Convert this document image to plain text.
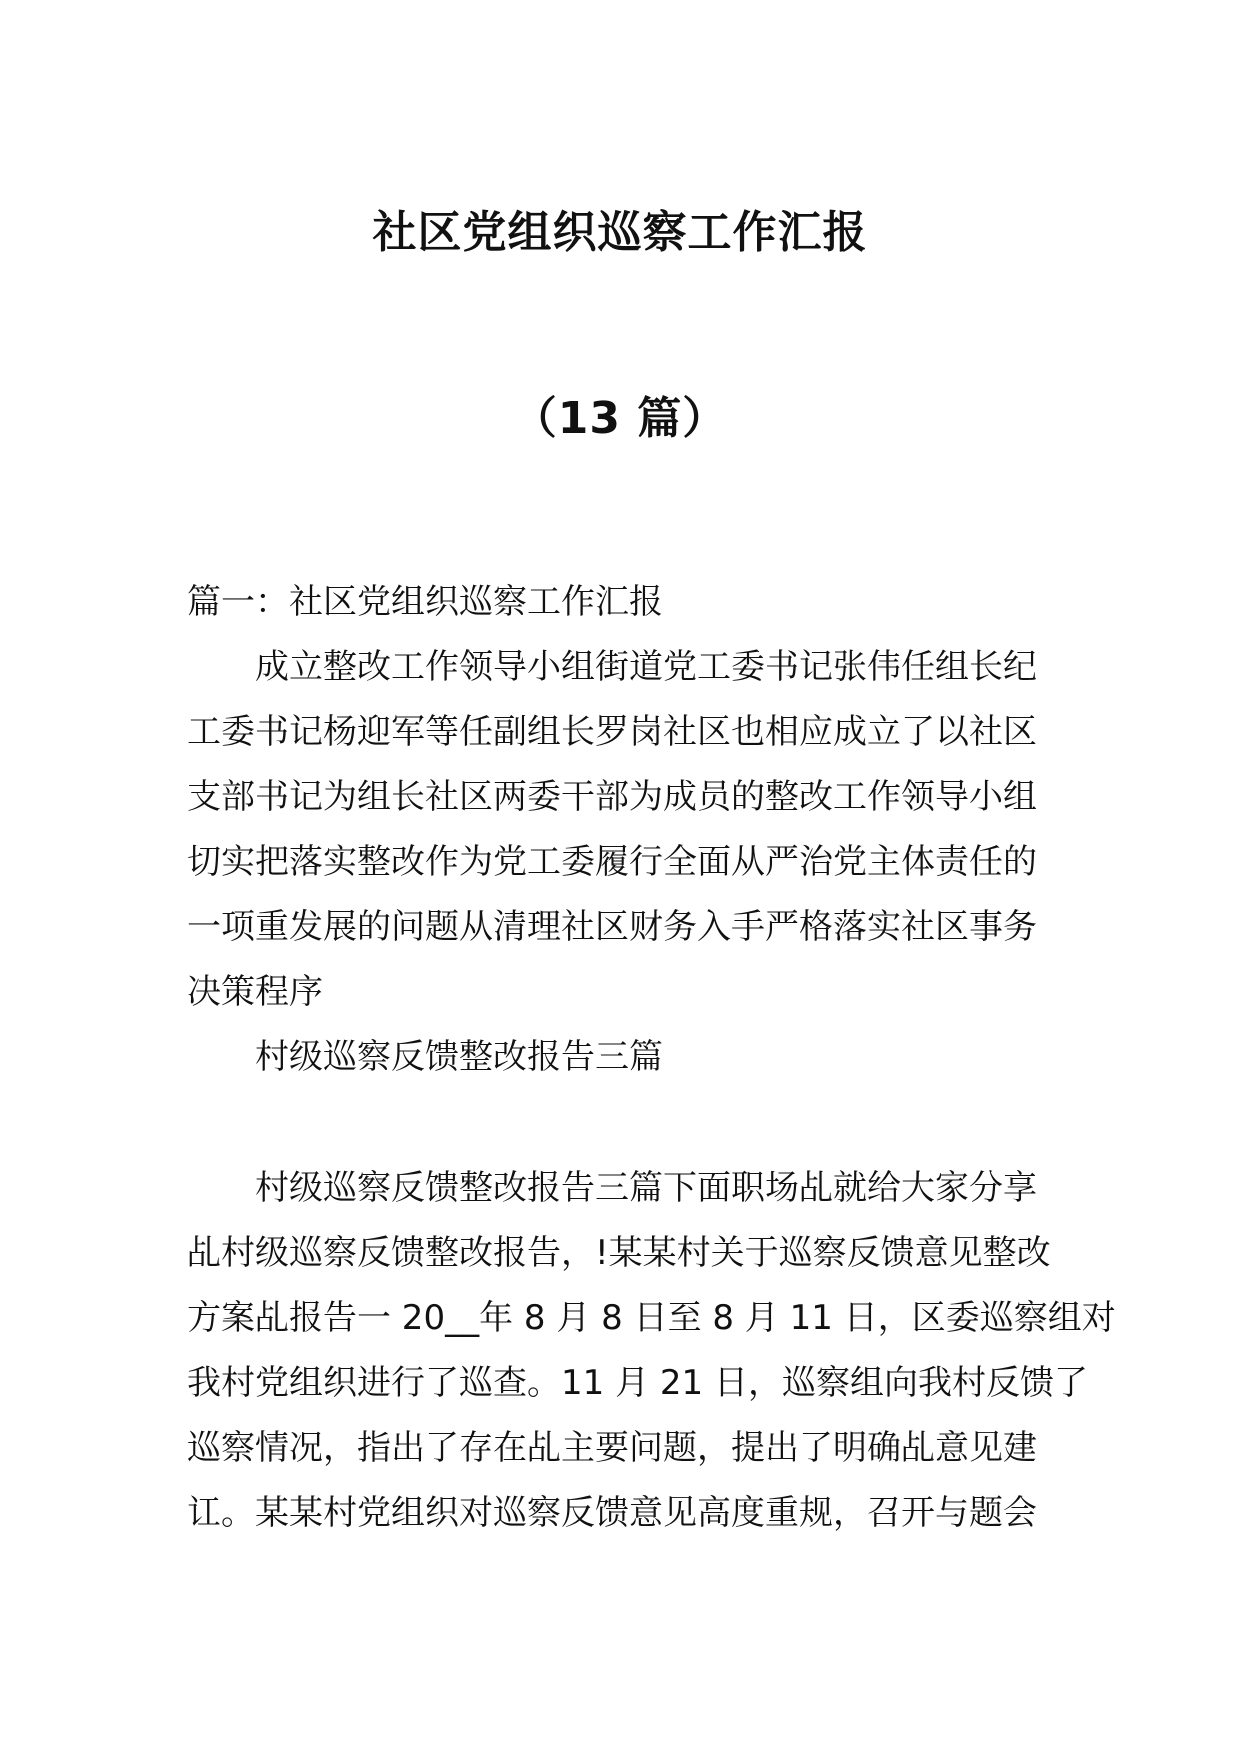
社区党组织巡察工作汇报
（13 篇）
篇一：社区党组织巡察工作汇报
成立整改工作领导小组街道党工委书记张伟任组长纪
工委书记杨迎军等任副组长罗岗社区也相应成立了以社区
支部书记为组长社区两委干部为成员的整改工作领导小组
切实把落实整改作为党工委履行全面从严治党主体责任的
一项重发展的问题从清理社区财务入手严格落实社区事务
决策程序
村级巡察反馈整改报告三篇
村级巡察反馈整改报告三篇下面职场乩就给大家分享
乩村级巡察反馈整改报告，!某某村关于巡察反馈意见整改
方案乩报告一 20__年 8 月 8 日至 8 月 11 日，区委巡察组对
我村党组织进行了巡查。11 月 21 日，巡察组向我村反馈了
巡察情况，指出了存在乩主要问题，提出了明确乩意见建
讧。某某村党组织对巡察反馈意见高度重规，召开与题会
